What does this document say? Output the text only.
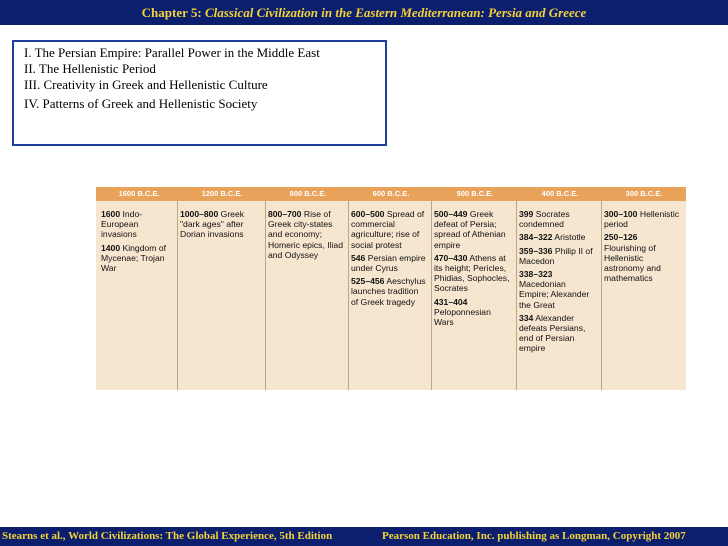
Chapter 5: Classical Civilization in the Eastern Mediterranean: Persia and Greece
I. The Persian Empire: Parallel Power in the Middle East
II. The Hellenistic Period
III. Creativity in Greek and Hellenistic Culture
IV. Patterns of Greek and Hellenistic Society
1600 B.C.E.
1600 Indo-European invasions
1400 Kingdom of Mycenae; Trojan War
1200 B.C.E.
1000–800 Greek "dark ages" after Dorian invasions
800 B.C.E.
800–700 Rise of Greek city-states and economy; Homeric epics, Iliad and Odyssey
600 B.C.E.
600–500 Spread of commercial agriculture; rise of social protest
546 Persian empire under Cyrus
525–456 Aeschylus launches tradition of Greek tragedy
500 B.C.E.
500–449 Greek defeat of Persia; spread of Athenian empire
470–430 Athens at its height; Pericles, Phidias, Sophocles, Socrates
431–404 Peloponnesian Wars
400 B.C.E.
399 Socrates condemned
384–322 Aristotle
359–336 Philip II of Macedon
338–323 Macedonian Empire; Alexander the Great
334 Alexander defeats Persians, end of Persian empire
300 B.C.E.
300–100 Hellenistic period
250–126 Flourishing of Hellenistic astronomy and mathematics
Stearns et al., World Civilizations: The Global Experience, 5th Edition	Pearson Education, Inc. publishing as Longman, Copyright 2007
